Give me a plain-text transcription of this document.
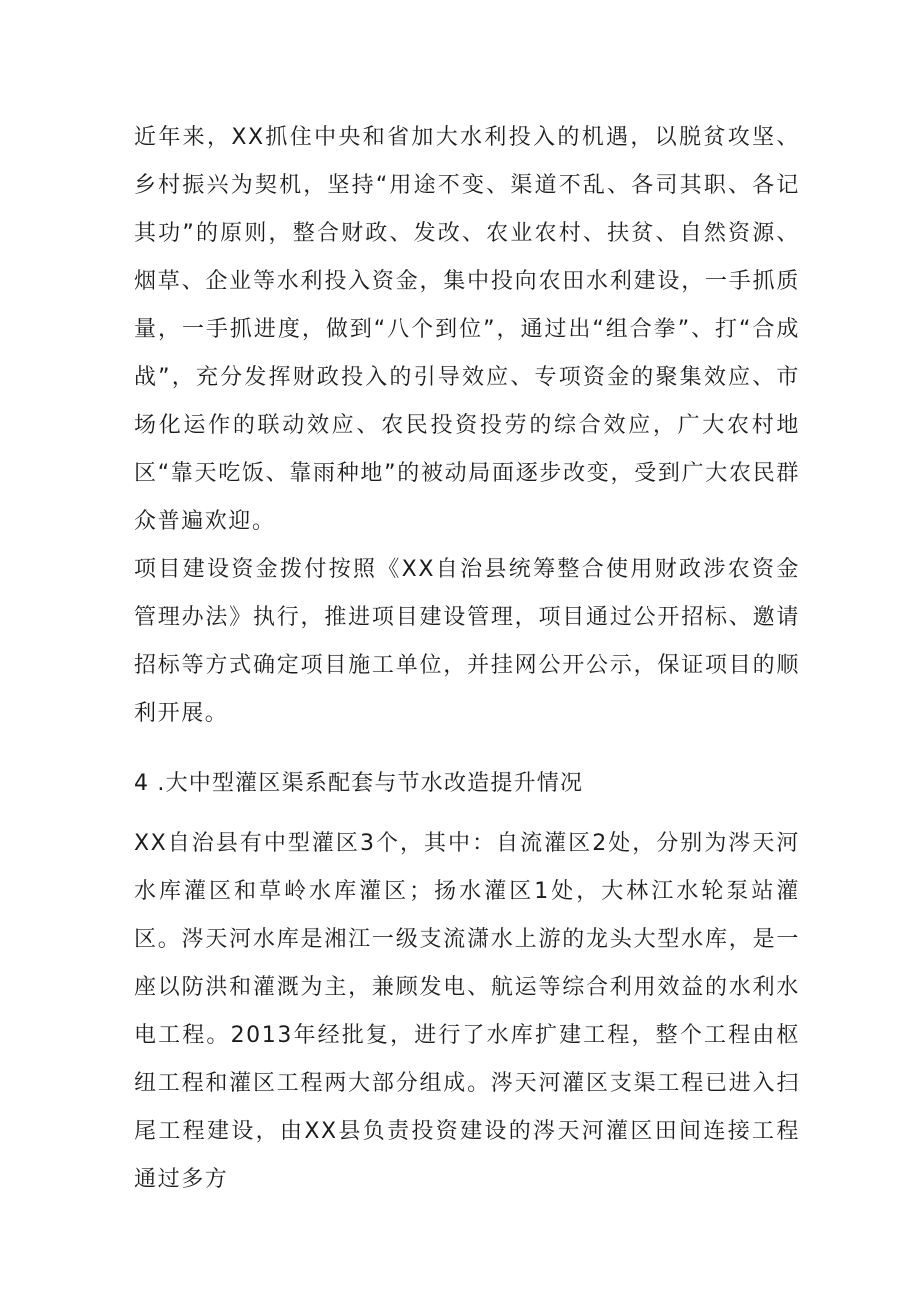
近年来，XX抓住中央和省加大水利投入的机遇，以脱贫攻坚、乡村振兴为契机，坚持“用途不变、渠道不乱、各司其职、各记其功”的原则，整合财政、发改、农业农村、扶贫、自然资源、烟草、企业等水利投入资金，集中投向农田水利建设，一手抓质量，一手抓进度，做到“八个到位”，通过出“组合拳”、打“合成战”，充分发挥财政投入的引导效应、专项资金的聚集效应、市场化运作的联动效应、农民投资投劳的综合效应，广大农村地区“靠天吃饭、靠雨种地”的被动局面逐步改变，受到广大农民群众普遍欢迎。

项目建设资金拨付按照《XX自治县统筹整合使用财政涉农资金管理办法》执行，推进项目建设管理，项目通过公开招标、邀请招标等方式确定项目施工单位，并挂网公开公示，保证项目的顺利开展。

4 .大中型灌区渠系配套与节水改造提升情况

XX自治县有中型灌区3个，其中：自流灌区2处，分别为涔天河水库灌区和草岭水库灌区；扬水灌区1处，大林江水轮泵站灌区。涔天河水库是湘江一级支流潇水上游的龙头大型水库，是一座以防洪和灌溉为主，兼顾发电、航运等综合利用效益的水利水电工程。2013年经批复，进行了水库扩建工程，整个工程由枢纽工程和灌区工程两大部分组成。涔天河灌区支渠工程已进入扫尾工程建设，由XX县负责投资建设的涔天河灌区田间连接工程通过多方
